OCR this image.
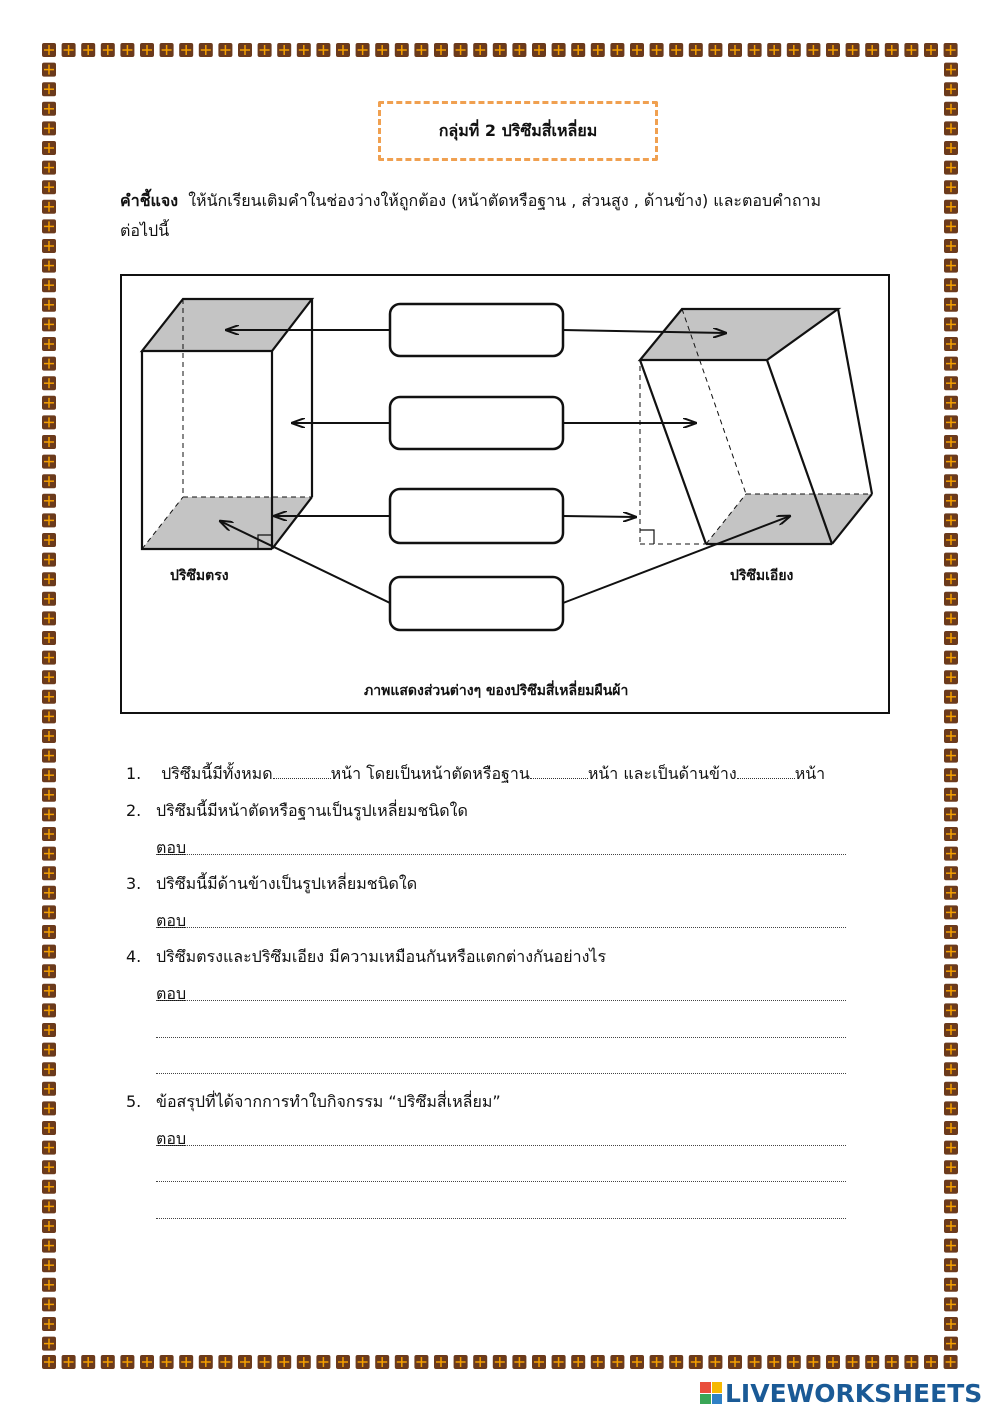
กลุ่มที่ 2 ปริซึมสี่เหลี่ยม
คำชี้แจง ให้นักเรียนเติมคำในช่องว่างให้ถูกต้อง (หน้าตัดหรือฐาน , ส่วนสูง , ด้านข้าง) และตอบคำถาม
ต่อไปนี้
ปริซึมตรง	ปริซึมเอียง
ภาพแสดงส่วนต่างๆ ของปริซึมสี่เหลี่ยมผืนผ้า
1. ปริซึมนี้มีทั้งหมด	หน้า โดยเป็นหน้าตัดหรือฐาน	หน้า และเป็นด้านข้าง	หน้า
2. ปริซึมนี้มีหน้าตัดหรือฐานเป็นรูปเหลี่ยมชนิดใด
ตอบ
3. ปริซึมนี้มีด้านข้างเป็นรูปเหลี่ยมชนิดใด
ตอบ
4. ปริซึมตรงและปริซึมเอียง มีความเหมือนกันหรือแตกต่างกันอย่างไร
ตอบ
5. ข้อสรุปที่ได้จากการทำใบกิจกรรม “ปริซึมสี่เหลี่ยม”
ตอบ
LIVEWORKSHEETS
